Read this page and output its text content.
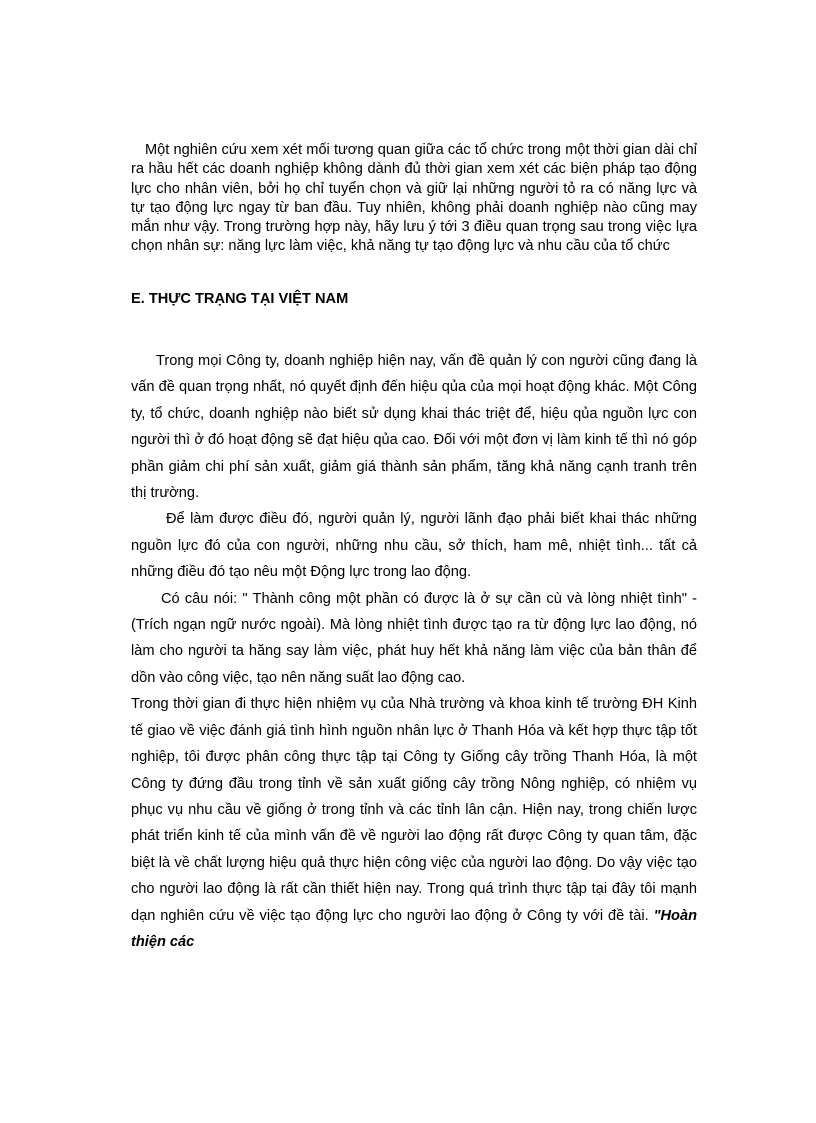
Một nghiên cứu xem xét mối tương quan giữa các tổ chức trong một thời gian dài chỉ ra hầu hết các doanh nghiệp không dành đủ thời gian xem xét các biện pháp tạo động lực cho nhân viên, bởi họ chỉ tuyển chọn và giữ lại những người tỏ ra có năng lực và tự tạo động lực ngay từ ban đầu. Tuy nhiên, không phải doanh nghiệp nào cũng may mắn như vậy. Trong trường hợp này, hãy lưu ý tới 3 điều quan trọng sau trong việc lựa chọn nhân sự: năng lực làm việc, khả năng tự tạo động lực và nhu cầu của tổ chức

E. THỰC TRẠNG TẠI VIỆT NAM

Trong mọi Công ty, doanh nghiệp hiện nay, vấn đề quản lý con người cũng đang là vấn đề quan trọng nhất, nó quyết định đến hiệu qủa của mọi hoạt động khác. Một Công ty, tổ chức, doanh nghiệp nào biết sử dụng khai thác triệt để, hiệu qủa nguồn lực con người thì ở đó hoạt động sẽ đạt hiệu qủa cao. Đối với một đơn vị làm kinh tế thì nó góp phần giảm chi phí sản xuất, giảm giá thành sản phẩm, tăng khả năng cạnh tranh trên thị trường.

Để làm được điều đó, người quản lý, người lãnh đạo phải biết khai thác những nguồn lực đó của con người, những nhu cầu, sở thích, ham mê, nhiệt tình... tất cả những điều đó tạo nêu một Động lực trong lao động.

Có câu nói: " Thành công một phần có được là ở sự cần cù và lòng nhiệt tình" - (Trích ngạn ngữ nước ngoài). Mà lòng nhiệt tình được tạo ra từ động lực lao động, nó làm cho người ta hăng say làm việc, phát huy hết khả năng làm việc của bản thân để dồn vào công việc, tạo nên năng suất lao động cao.

Trong thời gian đi thực hiện nhiệm vụ của Nhà trường và khoa kinh tế trường ĐH Kinh tế giao về việc đánh giá tình hình nguồn nhân lực ở Thanh Hóa và kết hợp thực tập tốt nghiệp, tôi được phân công thực tập tại Công ty Giống cây trồng Thanh Hóa, là một Công ty đứng đầu trong tỉnh về sản xuất giống cây trồng Nông nghiệp, có nhiệm vụ phục vụ nhu cầu về giống ở trong tỉnh và các tỉnh lân cận. Hiện nay, trong chiến lược phát triển kinh tế của mình vấn đề về người lao động rất được Công ty quan tâm, đặc biệt là về chất lượng hiệu quả thực hiện công việc của người lao động. Do vậy việc tạo cho người lao động là rất cần thiết hiện nay. Trong quá trình thực tập tại đây tôi mạnh dạn nghiên cứu về việc tạo động lực cho người lao động ở Công ty với đề tài. "Hoàn thiện các
